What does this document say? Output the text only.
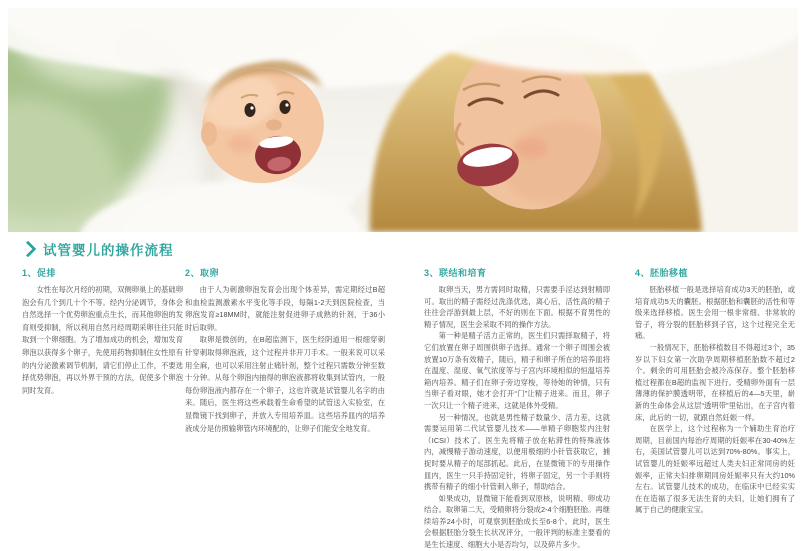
试管婴儿的操作流程
1、促排

女性在每次月经的初期，双侧卵巢上的基础卵泡会有几个到几十个不等。经内分泌调节，身体会自然选择一个优势卵泡重点生长，而其他卵泡的发育则受抑制，所以利用自然月经周期采卵往往只能取到一个卵细胞。为了增加成功的机会，增加发育卵泡以获得多个卵子，先使用药物抑制住女性原有的内分泌激素调节机制，请它们停止工作，不要选择优势卵泡，再以外界干预的方法，促使多个卵泡同时发育。

2、取卵

由于人为刺激卵泡发育会出现个体差异，需定期经过B超和血检监测激素水平变化等手段，每隔1-2天到医院检查，当卵泡发育≥18MM时，就能注射促进卵子成熟的针剂，于36小时后取卵。

取卵是微创的，在B超监测下，医生经阴道用一根细穿刺针穿刺取得卵泡液，这个过程并非开刀手术。一般来说可以采用全麻，也可以采用注射止痛针剂，整个过程只需数分钟至数十分钟。从每个卵泡内抽得的卵泡液都将收集到试管内，一般每份卵泡液内都存在一个卵子，这也许就是试管婴儿名字的由来。随后，医生将这些承载着生命希望的试管送入实验室，在显微镜下找到卵子，并放入专用培养皿。这些培养皿内的培养液成分是仿照输卵管内环境配的，让卵子们能安全地发育。

3、联结和培育

取卵当天，男方需同时取精，只需要手淫达到射精即可。取出的精子需经过洗涤优选，离心后，活性高的精子往往会浮游到最上层，不好的则在下面。根据不育男性的精子情况，医生会采取不同的操作方法。

第一种是精子活力正常的，医生们只需择取精子，将它们放置在卵子周围供卵子选择。通常一个卵子周围会被放置10万条有效精子，随后，精子和卵子所在的培养皿将在温度、湿度、氧气浓度等与子宫内环境相似的恒温培养箱内培养。精子们在卵子旁边穿梭，等待她的钟情，只有当卵子看对眼，她才会打开“门”让精子进来。而且，卵子一次只让一个精子进来，这就是体外受精。

另一种情况，也就是男性精子数量少、活力差，这就需要运用第二代试管婴儿技术——单精子卵胞浆内注射（ICSI）技术了。医生先将精子放在粘滞性的特殊液体内，减慢精子游动速度，以便用极细的小针管获取它，捕捉时要从精子的尾部抓起。此后，在显微镜下的专用操作皿内，医生一只手持固定针，将卵子固定，另一个手则将携带有精子的细小针管刺入卵子，帮助结合。

如果成功，显微镜下能看到双原核，说明精、卵成功结合。取卵第二天，受精卵将分裂成2-4个细胞胚胎。再继续培养24小时，可观察到胚胎成长至6-8个。此时，医生会根据胚胎分裂生长状况评分，一般评判的标准主要看的是生长速度、细胞大小是否均匀，以及碎片多少。

4、胚胎移植

胚胎移植一般是选择培育成功3天的胚胎，或培育成功5天的囊胚。根据胚胎和囊胚的活性和等级来选择移植。医生会用一根非常细、非常软的管子，将分裂的胚胎移到子宫，这个过程完全无痛。

一般情况下，胚胎移植数目不得超过3个，35岁以下妇女第一次助孕周期移植胚胎数不超过2个。剩余的可用胚胎会被冷冻保存。整个胚胎移植过程都在B超的监视下进行。受精卵外面有一层薄薄的保护膜透明带，在移植后的4—5天里，崭新的生命体会从这层“透明带”里钻出，在子宫内着床，此后的一切，就跟自然妊娠一样。

在医学上，这个过程称为一个辅助生育治疗周期，目前国内每治疗周期的妊娠率在30-40%左右，美国试管婴儿可以达到70%-80%。事实上，试管婴儿的妊娠率远超过人类夫妇正常同房的妊娠率，正常夫妇排卵期同房妊娠率只有大约10%左右。试管婴儿技术的成功，在临床中已经实实在在造福了很多无法生育的夫妇，让她们拥有了属于自己的健康宝宝。
